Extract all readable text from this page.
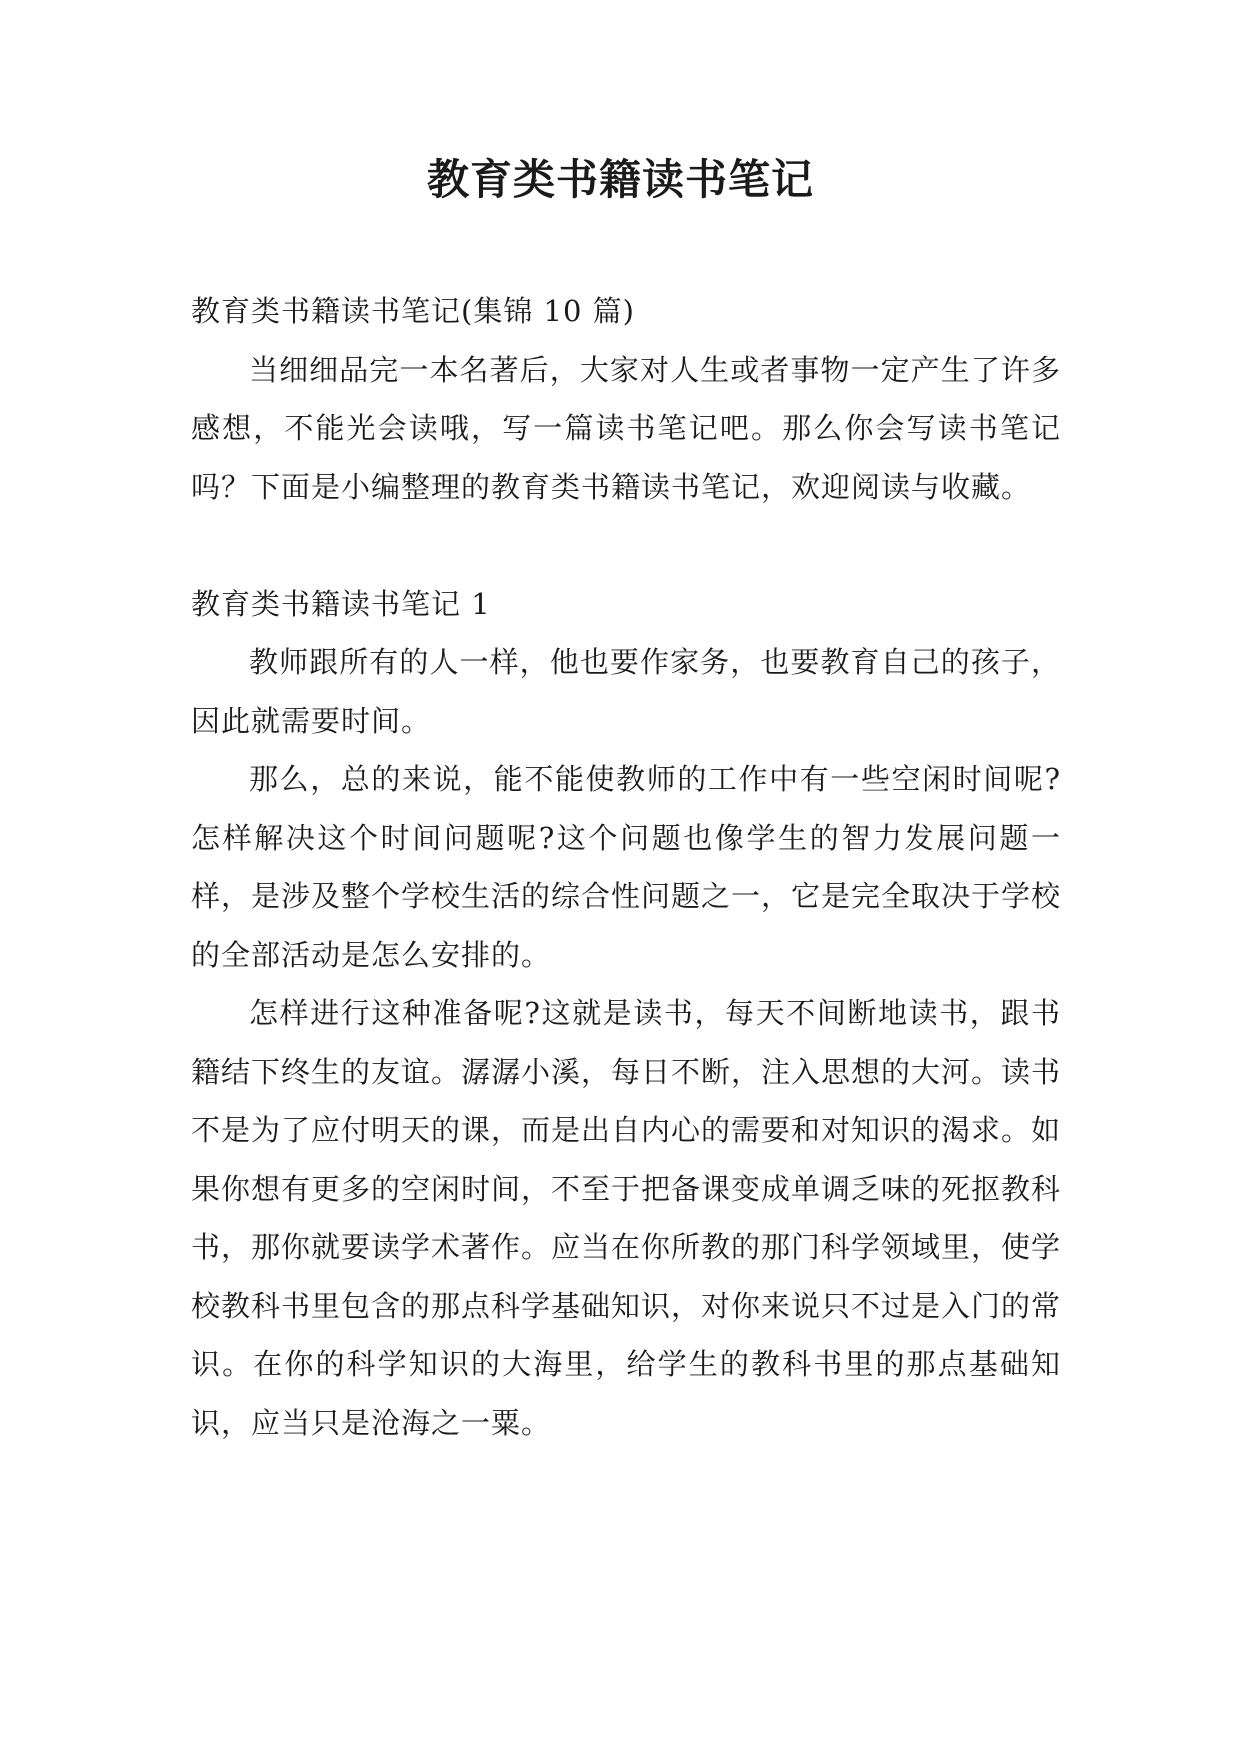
教育类书籍读书笔记

教育类书籍读书笔记(集锦 10 篇)

当细细品完一本名著后，大家对人生或者事物一定产生了许多感想，不能光会读哦，写一篇读书笔记吧。那么你会写读书笔记吗？下面是小编整理的教育类书籍读书笔记，欢迎阅读与收藏。

教育类书籍读书笔记 1

教师跟所有的人一样，他也要作家务，也要教育自己的孩子，因此就需要时间。

那么，总的来说，能不能使教师的工作中有一些空闲时间呢?怎样解决这个时间问题呢?这个问题也像学生的智力发展问题一样，是涉及整个学校生活的综合性问题之一，它是完全取决于学校的全部活动是怎么安排的。

怎样进行这种准备呢?这就是读书，每天不间断地读书，跟书籍结下终生的友谊。潺潺小溪，每日不断，注入思想的大河。读书不是为了应付明天的课，而是出自内心的需要和对知识的渴求。如果你想有更多的空闲时间，不至于把备课变成单调乏味的死抠教科书，那你就要读学术著作。应当在你所教的那门科学领域里，使学校教科书里包含的那点科学基础知识，对你来说只不过是入门的常识。在你的科学知识的大海里，给学生的教科书里的那点基础知识，应当只是沧海之一粟。
